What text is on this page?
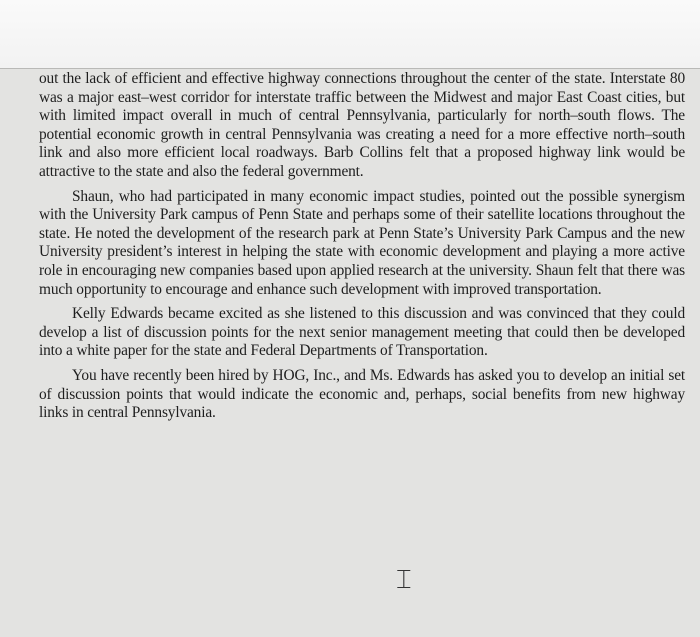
out the lack of efficient and effective highway connections throughout the center of the state. Interstate 80 was a major east–west corridor for interstate traffic between the Midwest and major East Coast cities, but with limited impact overall in much of central Pennsylvania, particularly for north–south flows. The potential economic growth in central Pennsylvania was creating a need for a more effective north–south link and also more efficient local roadways. Barb Collins felt that a proposed highway link would be attractive to the state and also the federal government.

Shaun, who had participated in many economic impact studies, pointed out the possible synergism with the University Park campus of Penn State and perhaps some of their satellite locations throughout the state. He noted the development of the research park at Penn State’s University Park Campus and the new University president’s interest in helping the state with economic development and playing a more active role in encouraging new companies based upon applied research at the university. Shaun felt that there was much opportunity to encourage and enhance such development with improved transportation.

Kelly Edwards became excited as she listened to this discussion and was convinced that they could develop a list of discussion points for the next senior management meeting that could then be developed into a white paper for the state and Federal Departments of Transportation.

You have recently been hired by HOG, Inc., and Ms. Edwards has asked you to develop an initial set of discussion points that would indicate the economic and, perhaps, social benefits from new highway links in central Pennsylvania.

⌶
